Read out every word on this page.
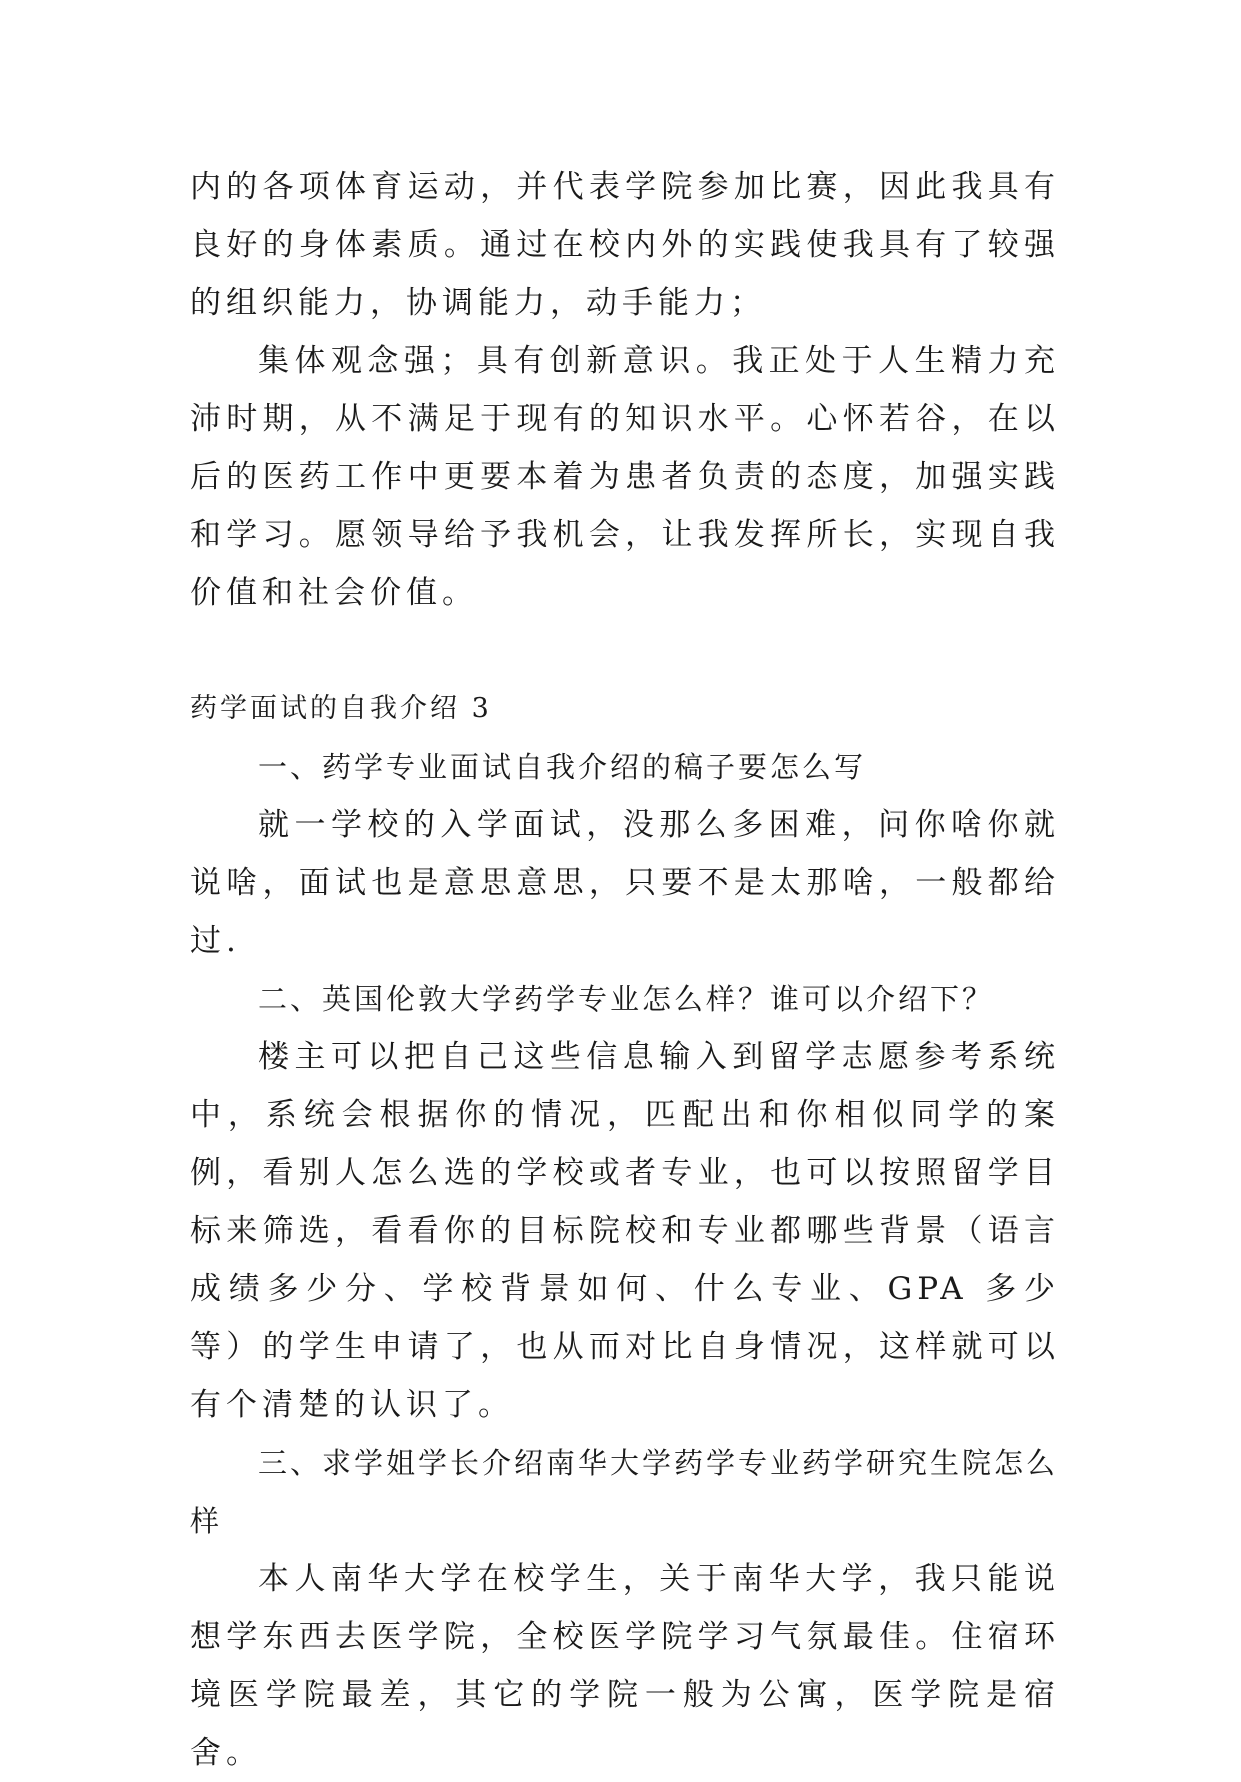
内的各项体育运动，并代表学院参加比赛，因此我具有良好的身体素质。通过在校内外的实践使我具有了较强的组织能力，协调能力，动手能力；

集体观念强；具有创新意识。我正处于人生精力充沛时期，从不满足于现有的知识水平。心怀若谷，在以后的医药工作中更要本着为患者负责的态度，加强实践和学习。愿领导给予我机会，让我发挥所长，实现自我价值和社会价值。

药学面试的自我介绍 3

一、药学专业面试自我介绍的稿子要怎么写

就一学校的入学面试，没那么多困难，问你啥你就说啥，面试也是意思意思，只要不是太那啥，一般都给过.

二、英国伦敦大学药学专业怎么样？谁可以介绍下？

楼主可以把自己这些信息输入到留学志愿参考系统中，系统会根据你的情况，匹配出和你相似同学的案例，看别人怎么选的学校或者专业，也可以按照留学目标来筛选，看看你的目标院校和专业都哪些背景（语言成绩多少分、学校背景如何、什么专业、GPA 多少等）的学生申请了，也从而对比自身情况，这样就可以有个清楚的认识了。

三、求学姐学长介绍南华大学药学专业药学研究生院怎么样

本人南华大学在校学生，关于南华大学，我只能说想学东西去医学院，全校医学院学习气氛最佳。住宿环境医学院最差，其它的学院一般为公寓，医学院是宿舍。
